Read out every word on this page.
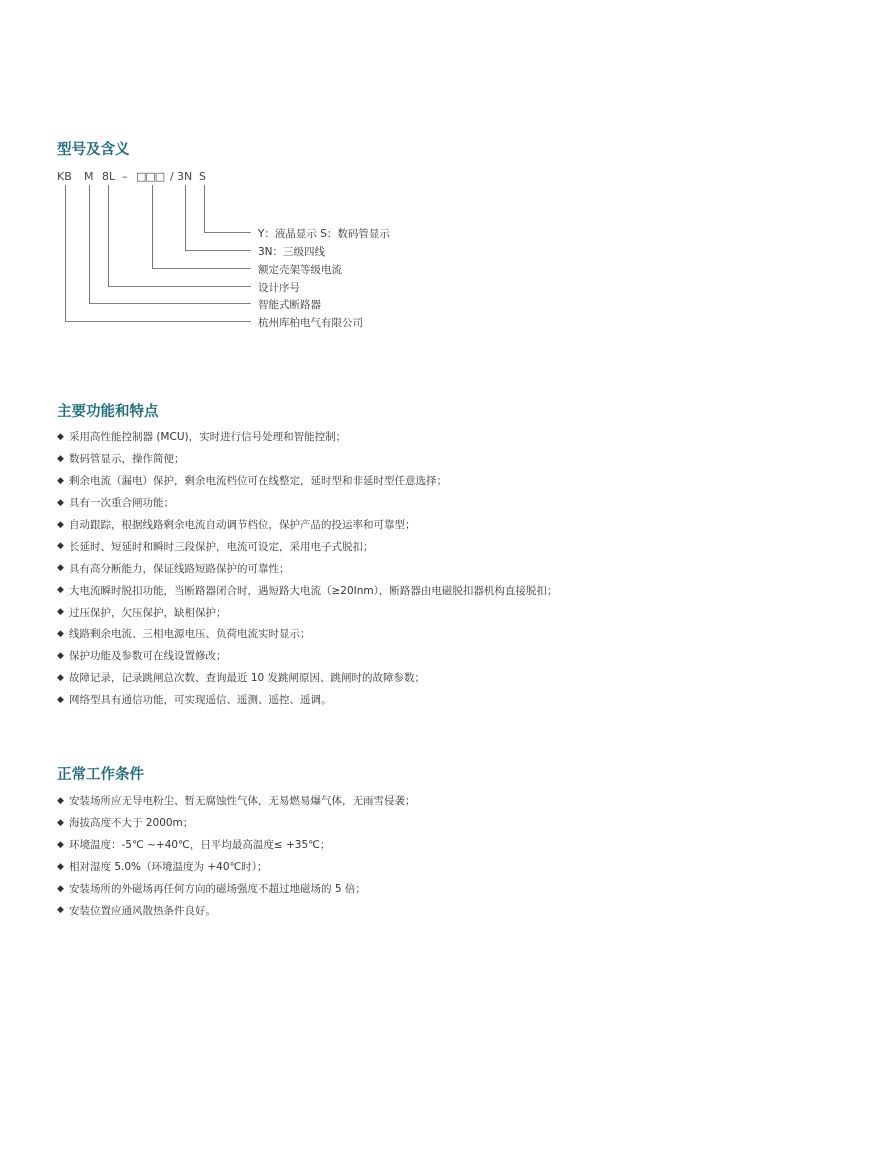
型号及含义
KB M 8L – □□□ / 3N S
Y：液晶显示 S：数码管显示
3N：三级四线
额定壳架等级电流
设计序号
智能式断路器
杭州库柏电气有限公司
主要功能和特点
◆ 采用高性能控制器 (MCU)，实时进行信号处理和智能控制；
◆ 数码管显示，操作简便；
◆ 剩余电流（漏电）保护，剩余电流档位可在线整定，延时型和非延时型任意选择；
◆ 具有一次重合闸功能；
◆ 自动跟踪，根据线路剩余电流自动调节档位，保护产品的投运率和可靠型；
◆ 长延时、短延时和瞬时三段保护，电流可设定，采用电子式脱扣；
◆ 具有高分断能力，保证线路短路保护的可靠性；
◆ 大电流瞬时脱扣功能，当断路器闭合时，遇短路大电流（≥20Inm），断路器由电磁脱扣器机构直接脱扣；
◆ 过压保护，欠压保护，缺相保护；
◆ 线路剩余电流、三相电源电压、负荷电流实时显示；
◆ 保护功能及参数可在线设置修改；
◆ 故障记录，记录跳闸总次数、查询最近 10 发跳闸原因、跳闸时的故障参数；
◆ 网络型具有通信功能，可实现遥信、遥测、遥控、遥调。
正常工作条件
◆ 安装场所应无导电粉尘、暂无腐蚀性气体，无易燃易爆气体，无雨雪侵袭；
◆ 海拔高度不大于 2000m；
◆ 环境温度：-5℃ ~+40℃，日平均最高温度≤ +35℃；
◆ 相对湿度 5.0%（环境温度为 +40℃时）；
◆ 安装场所的外磁场再任何方向的磁场强度不超过地磁场的 5 倍；
◆ 安装位置应通风散热条件良好。
